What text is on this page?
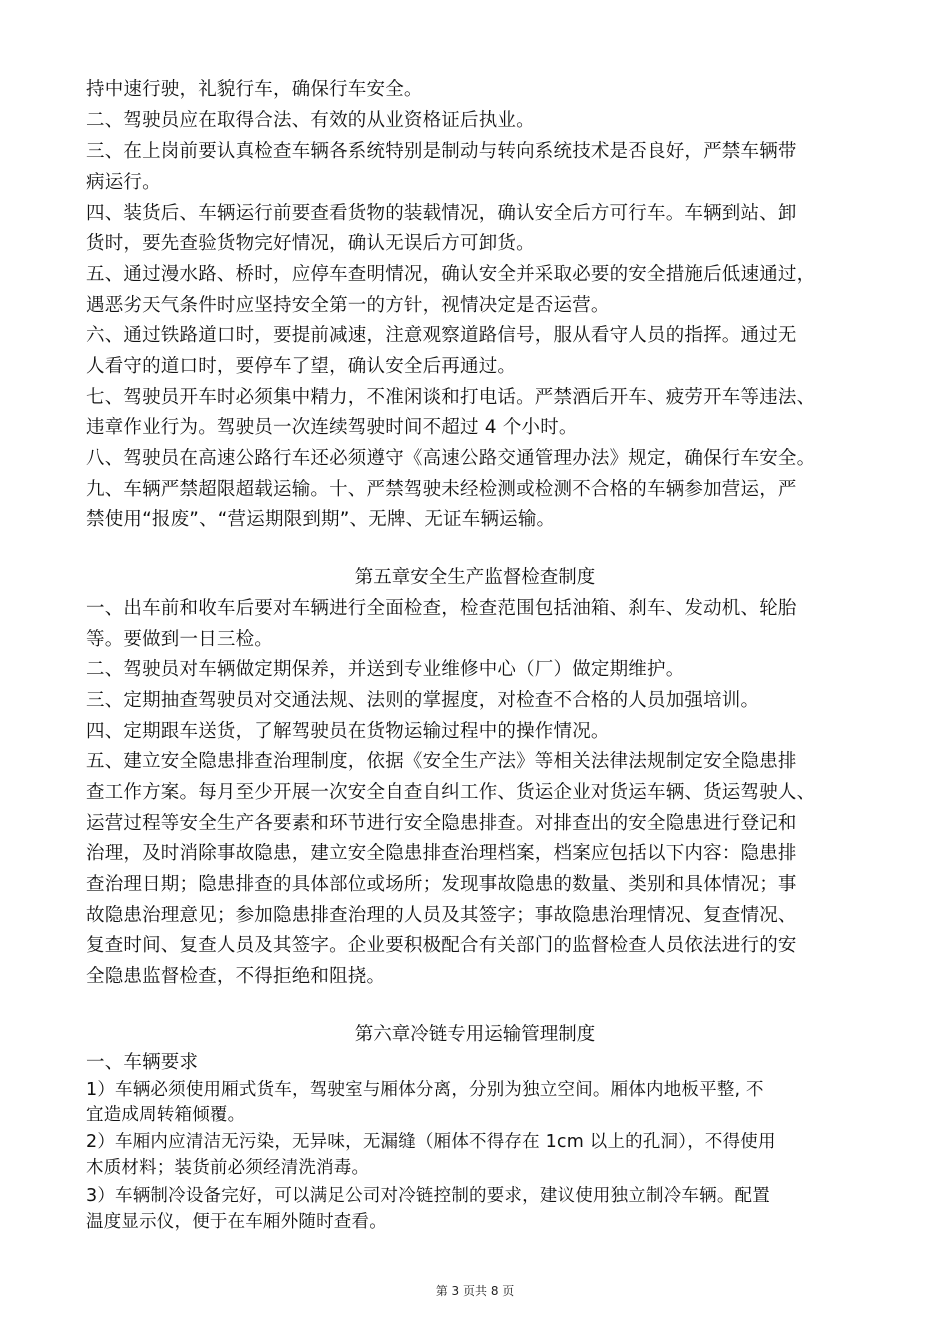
持中速行驶，礼貌行车，确保行车安全。
二、驾驶员应在取得合法、有效的从业资格证后执业。
三、在上岗前要认真检查车辆各系统特别是制动与转向系统技术是否良好，严禁车辆带
病运行。
四、装货后、车辆运行前要查看货物的装载情况，确认安全后方可行车。车辆到站、卸
货时，要先查验货物完好情况，确认无误后方可卸货。
五、通过漫水路、桥时，应停车查明情况，确认安全并采取必要的安全措施后低速通过，
遇恶劣天气条件时应坚持安全第一的方针，视情决定是否运营。
六、通过铁路道口时，要提前减速，注意观察道路信号，服从看守人员的指挥。通过无
人看守的道口时，要停车了望，确认安全后再通过。
七、驾驶员开车时必须集中精力，不准闲谈和打电话。严禁酒后开车、疲劳开车等违法、
违章作业行为。驾驶员一次连续驾驶时间不超过 4 个小时。
八、驾驶员在高速公路行车还必须遵守《高速公路交通管理办法》规定，确保行车安全。
九、车辆严禁超限超载运输。十、严禁驾驶未经检测或检测不合格的车辆参加营运，严
禁使用“报废”、“营运期限到期”、无牌、无证车辆运输。
第五章安全生产监督检查制度
一、出车前和收车后要对车辆进行全面检查，检查范围包括油箱、刹车、发动机、轮胎
等。要做到一日三检。
二、驾驶员对车辆做定期保养，并送到专业维修中心（厂）做定期维护。
三、定期抽查驾驶员对交通法规、法则的掌握度，对检查不合格的人员加强培训。
四、定期跟车送货，了解驾驶员在货物运输过程中的操作情况。
五、建立安全隐患排查治理制度，依据《安全生产法》等相关法律法规制定安全隐患排
查工作方案。每月至少开展一次安全自查自纠工作、货运企业对货运车辆、货运驾驶人、
运营过程等安全生产各要素和环节进行安全隐患排查。对排查出的安全隐患进行登记和
治理，及时消除事故隐患，建立安全隐患排查治理档案，档案应包括以下内容：隐患排
查治理日期；隐患排查的具体部位或场所；发现事故隐患的数量、类别和具体情况；事
故隐患治理意见；参加隐患排查治理的人员及其签字；事故隐患治理情况、复查情况、
复查时间、复查人员及其签字。企业要积极配合有关部门的监督检查人员依法进行的安
全隐患监督检查，不得拒绝和阻挠。
第六章冷链专用运输管理制度
一、车辆要求
1）车辆必须使用厢式货车，驾驶室与厢体分离，分别为独立空间。厢体内地板平整, 不
宜造成周转箱倾覆。
2）车厢内应清洁无污染，无异味，无漏缝（厢体不得存在 1cm 以上的孔洞），不得使用
木质材料；装货前必须经清洗消毒。
3）车辆制冷设备完好，可以满足公司对冷链控制的要求，建议使用独立制冷车辆。配置
温度显示仪，便于在车厢外随时查看。
第 3 页共 8 页
